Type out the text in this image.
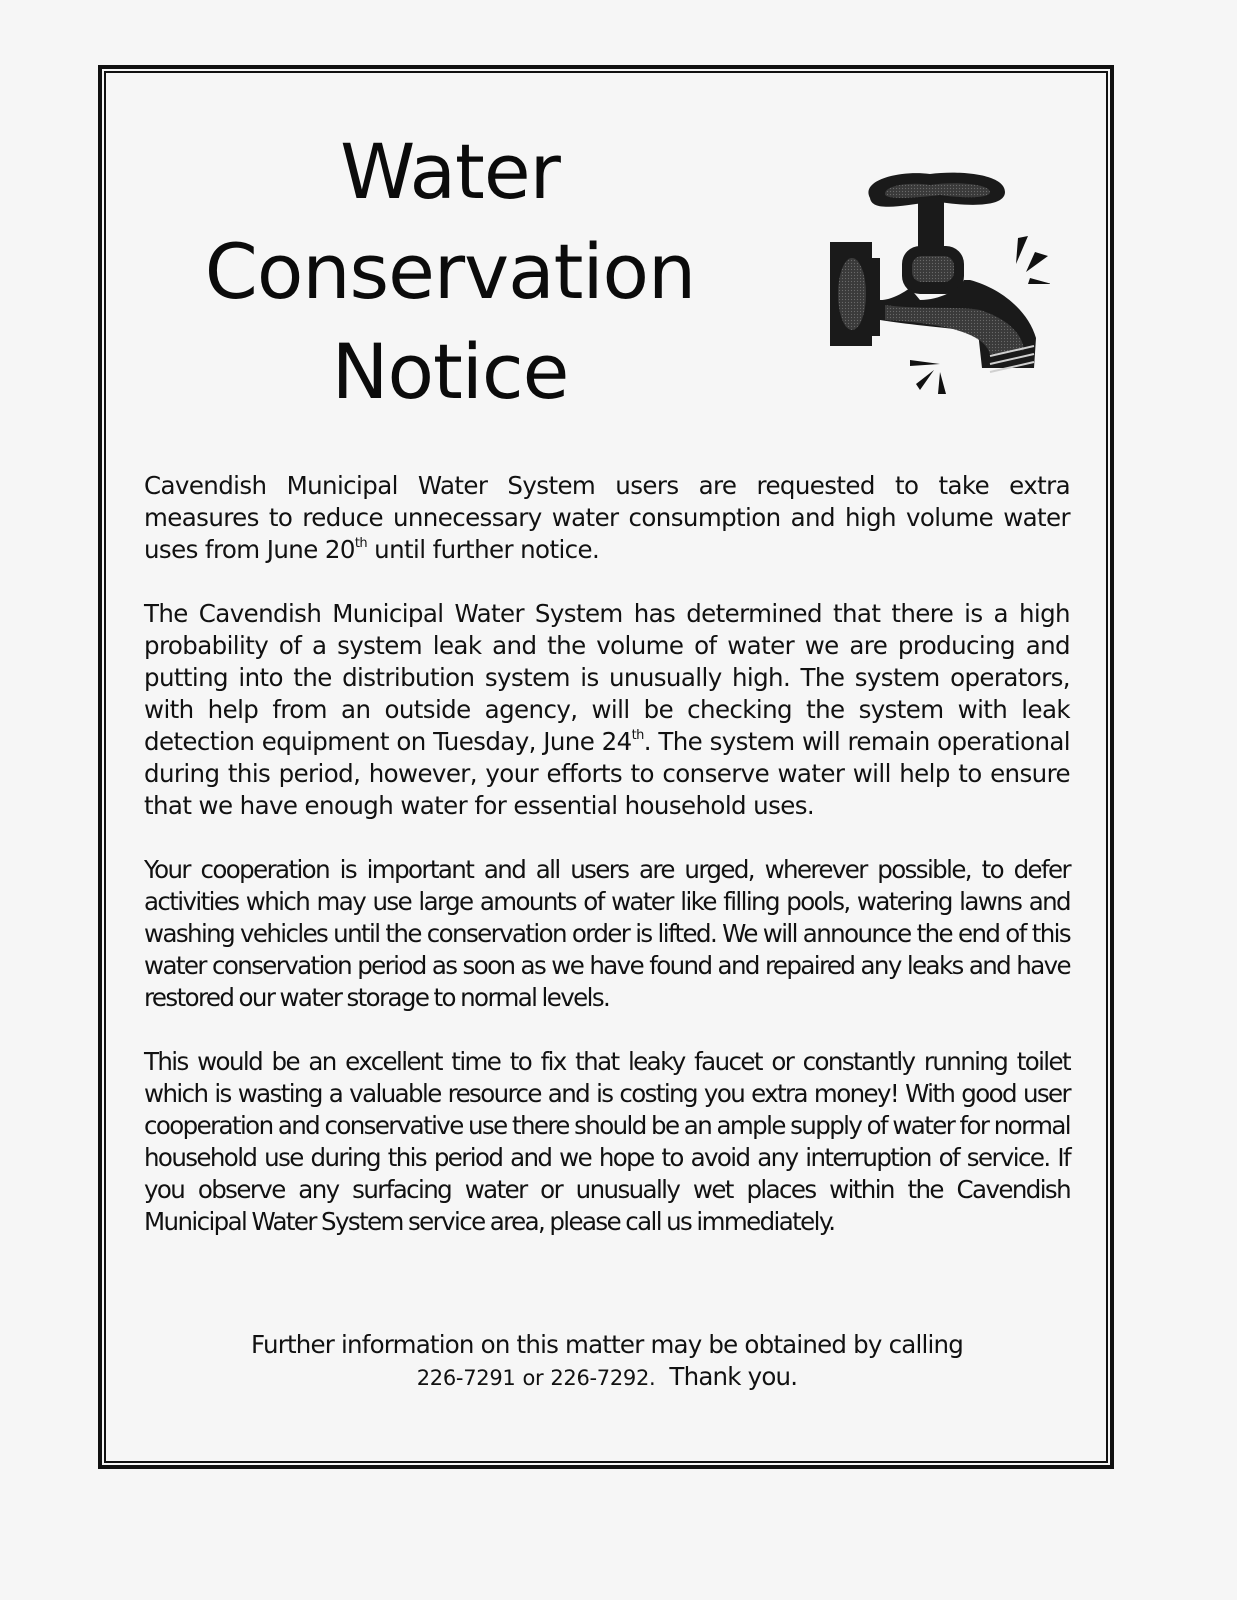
Water
Conservation
Notice

Cavendish Municipal Water System users are requested to take extra measures to reduce unnecessary water consumption and high volume water uses from June 20th until further notice.

The Cavendish Municipal Water System has determined that there is a high probability of a system leak and the volume of water we are producing and putting into the distribution system is unusually high. The system operators, with help from an outside agency, will be checking the system with leak detection equipment on Tuesday, June 24th. The system will remain operational during this period, however, your efforts to conserve water will help to ensure that we have enough water for essential household uses.

Your cooperation is important and all users are urged, wherever possible, to defer activities which may use large amounts of water like filling pools, watering lawns and washing vehicles until the conservation order is lifted. We will announce the end of this water conservation period as soon as we have found and repaired any leaks and have restored our water storage to normal levels.

This would be an excellent time to fix that leaky faucet or constantly running toilet which is wasting a valuable resource and is costing you extra money! With good user cooperation and conservative use there should be an ample supply of water for normal household use during this period and we hope to avoid any interruption of service. If you observe any surfacing water or unusually wet places within the Cavendish Municipal Water System service area, please call us immediately.

Further information on this matter may be obtained by calling
226-7291 or 226-7292. Thank you.
